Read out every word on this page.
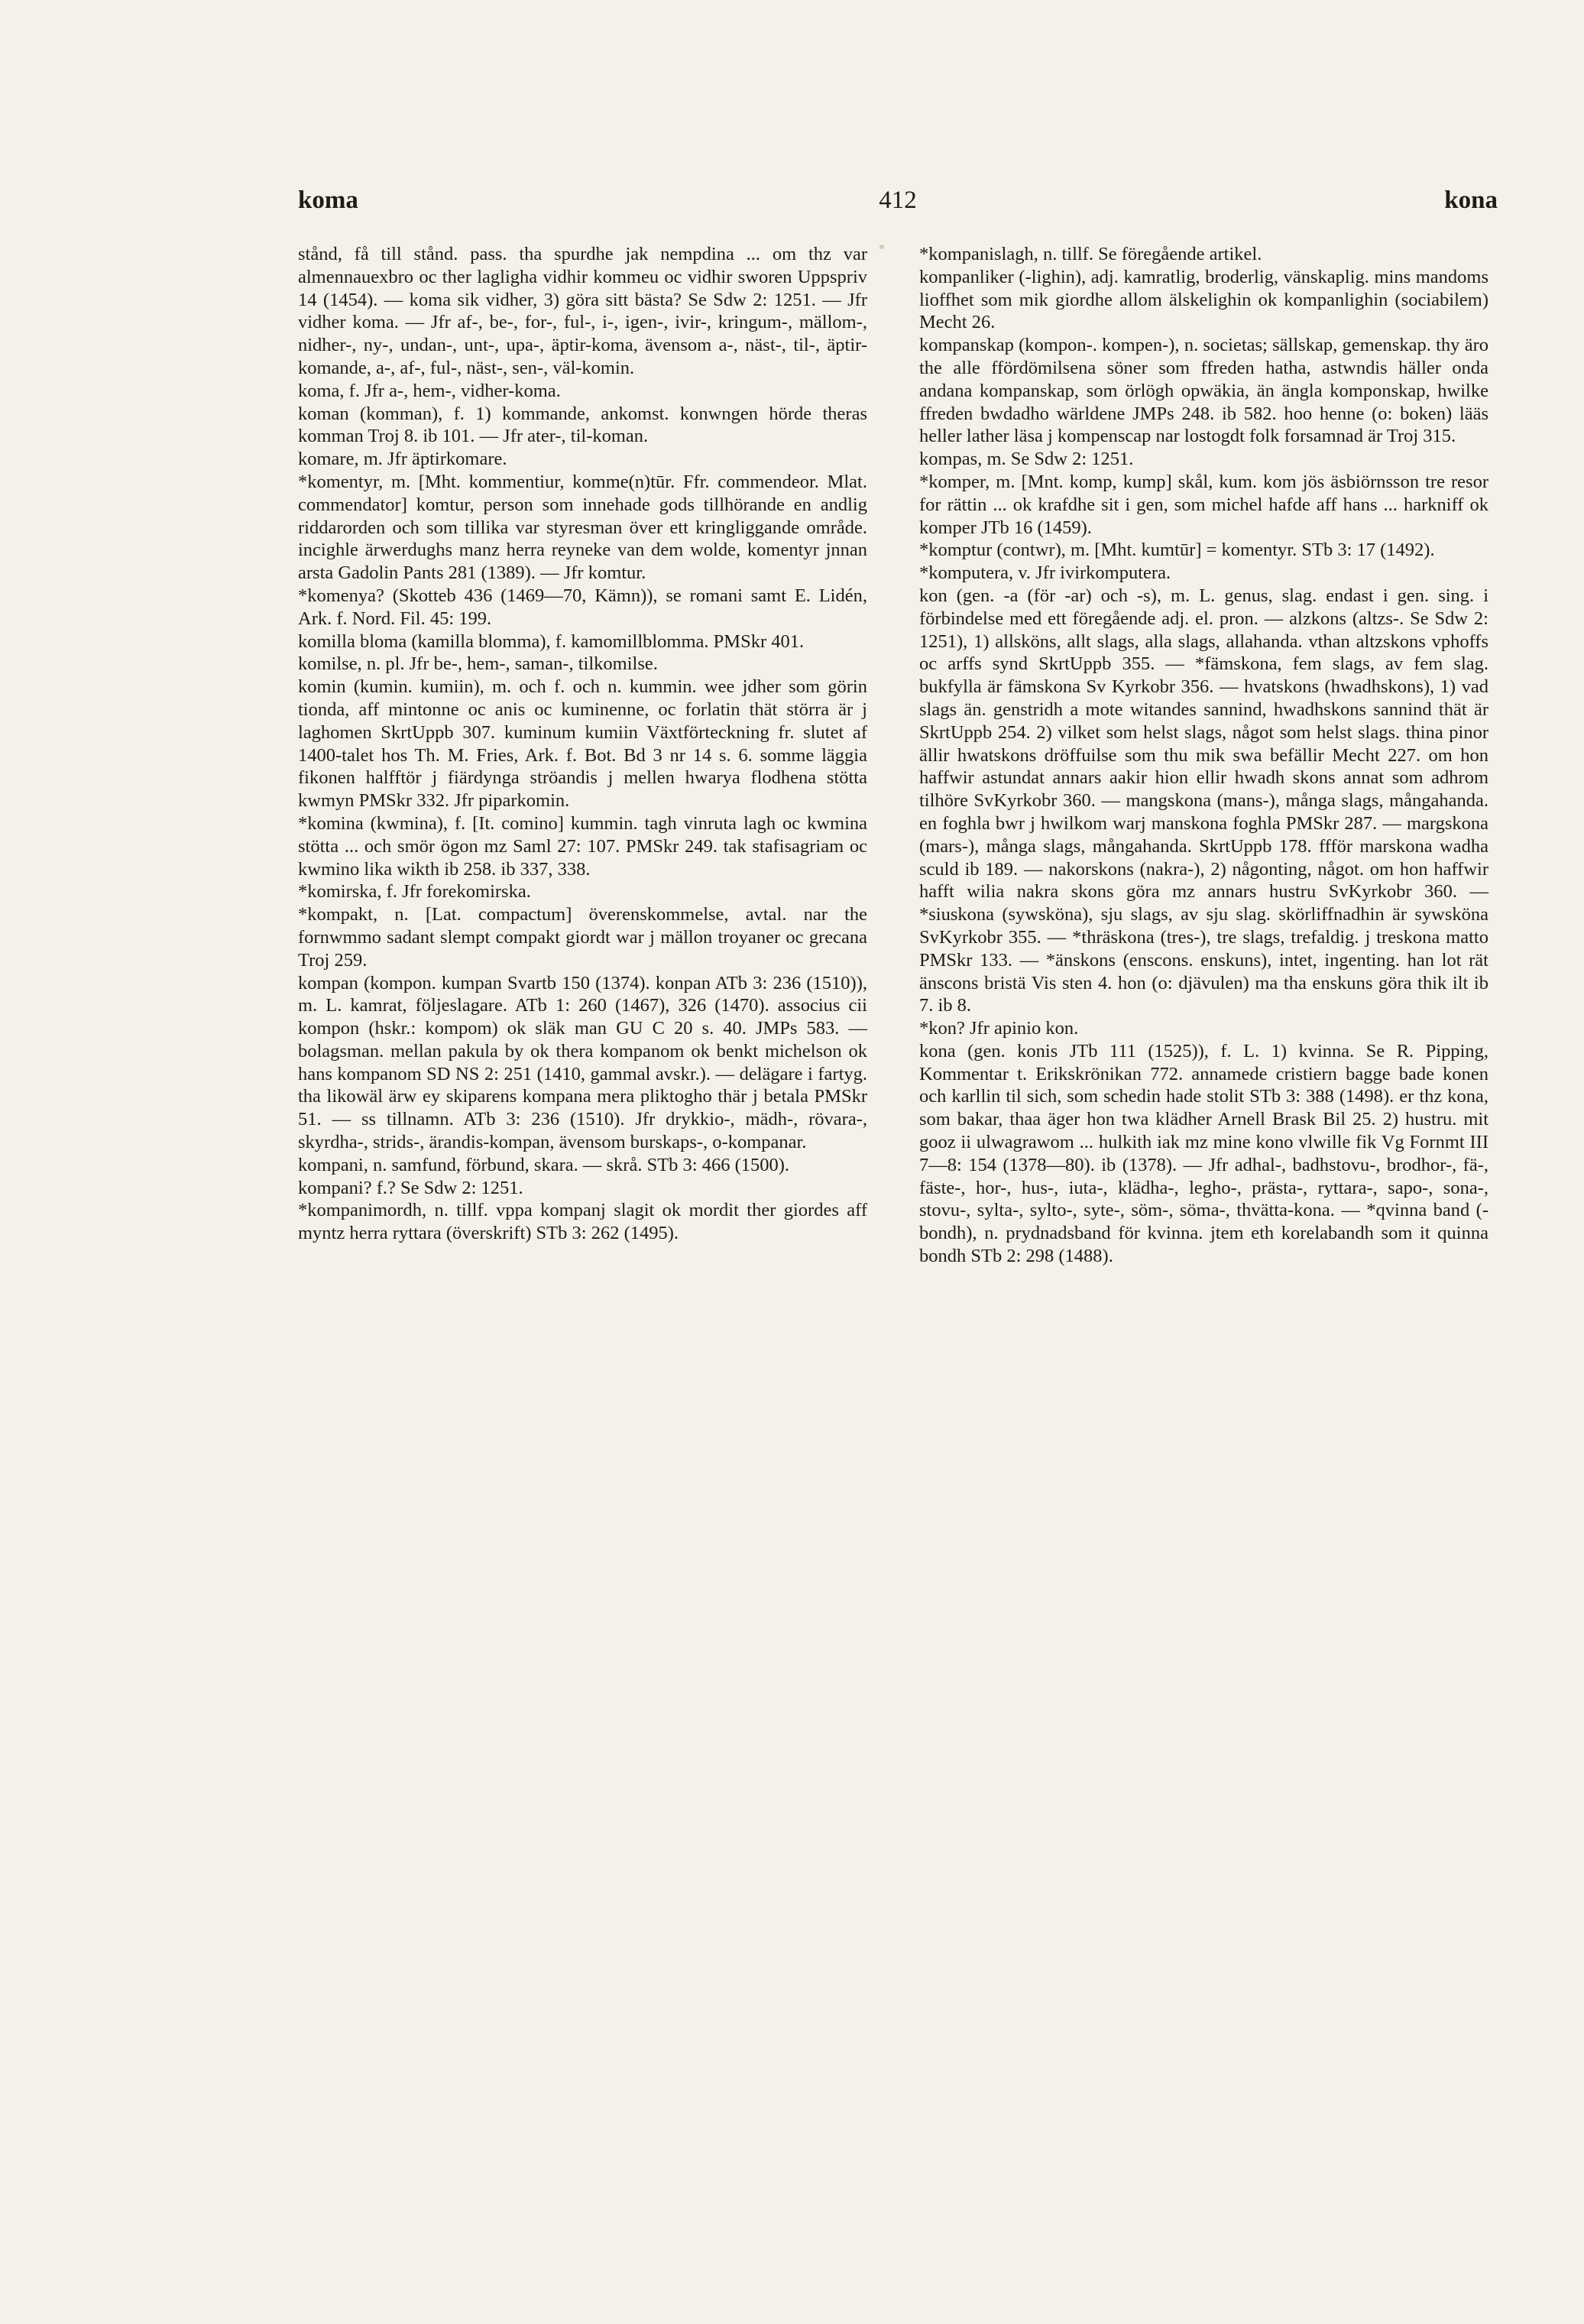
koma	412	kona

stånd, få till stånd. pass. tha spurdhe jak nempdina ... om thz var almennauexbro oc ther lagligha vidhir kommeu oc vidhir sworen Uppspriv 14 (1454). — koma sik vidher, 3) göra sitt bästa? Se Sdw 2: 1251. — Jfr vidher koma. — Jfr af-, be-, for-, ful-, i-, igen-, ivir-, kringum-, mällom-, nidher-, ny-, undan-, unt-, upa-, äptir-koma, ävensom a-, näst-, til-, äptir-komande, a-, af-, ful-, näst-, sen-, väl-komin.

koma, f. Jfr a-, hem-, vidher-koma.

koman (komman), f. 1) kommande, ankomst. konwngen hörde theras komman Troj 8. ib 101. — Jfr ater-, til-koman.

komare, m. Jfr äptirkomare.

*komentyr, m. [Mht. kommentiur, komme(n)tūr. Ffr. commendeor. Mlat. commendator] komtur, person som innehade gods tillhörande en andlig riddarorden och som tillika var styresman över ett kringliggande område. incighle ärwerdughs manz herra reyneke van dem wolde, komentyr jnnan arsta Gadolin Pants 281 (1389). — Jfr komtur.

*komenya? (Skotteb 436 (1469—70, Kämn)), se romani samt E. Lidén, Ark. f. Nord. Fil. 45: 199.

komilla bloma (kamilla blomma), f. kamomillblomma. PMSkr 401.

komilse, n. pl. Jfr be-, hem-, saman-, tilkomilse.

komin (kumin. kumiin), m. och f. och n. kummin. wee jdher som görin tionda, aff mintonne oc anis oc kuminenne, oc forlatin thät störra är j laghomen SkrtUppb 307. kuminum kumiin Växtförteckning fr. slutet af 1400-talet hos Th. M. Fries, Ark. f. Bot. Bd 3 nr 14 s. 6. somme läggia fikonen halfftör j fiärdynga ströandis j mellen hwarya flodhena stötta kwmyn PMSkr 332. Jfr piparkomin.

*komina (kwmina), f. [It. comino] kummin. tagh vinruta lagh oc kwmina stötta ... och smör ögon mz Saml 27: 107. PMSkr 249. tak stafisagriam oc kwmino lika wikth ib 258. ib 337, 338.

*komirska, f. Jfr forekomirska.

*kompakt, n. [Lat. compactum] överenskommelse, avtal. nar the fornwmmo sadant slempt compakt giordt war j mällon troyaner oc grecana Troj 259.

kompan (kompon. kumpan Svartb 150 (1374). konpan ATb 3: 236 (1510)), m. L. kamrat, följeslagare. ATb 1: 260 (1467), 326 (1470). associus cii kompon (hskr.: kompom) ok släk man GU C 20 s. 40. JMPs 583. — bolagsman. mellan pakula by ok thera kompanom ok benkt michelson ok hans kompanom SD NS 2: 251 (1410, gammal avskr.). — delägare i fartyg. tha likowäl ärw ey skiparens kompana mera pliktogho thär j betala PMSkr 51. — ss tillnamn. ATb 3: 236 (1510). Jfr drykkio-, mädh-, rövara-, skyrdha-, strids-, ärandis-kompan, ävensom burskaps-, o-kompanar.

kompani, n. samfund, förbund, skara. — skrå. STb 3: 466 (1500).

kompani? f.? Se Sdw 2: 1251.

*kompanimordh, n. tillf. vppa kompanj slagit ok mordit ther giordes aff myntz herra ryttara (överskrift) STb 3: 262 (1495).

*kompanislagh, n. tillf. Se föregående artikel.

kompanliker (-lighin), adj. kamratlig, broderlig, vänskaplig. mins mandoms lioffhet som mik giordhe allom älskelighin ok kompanlighin (sociabilem) Mecht 26.

kompanskap (kompon-. kompen-), n. societas; sällskap, gemenskap. thy äro the alle ffördömilsena söner som ffreden hatha, astwndis häller onda andana kompanskap, som örlögh opwäkia, än ängla komponskap, hwilke ffreden bwdadho wärldene JMPs 248. ib 582. hoo henne (o: boken) lääs heller lather läsa j kompenscap nar lostogdt folk forsamnad är Troj 315.

kompas, m. Se Sdw 2: 1251.

*komper, m. [Mnt. komp, kump] skål, kum. kom jös äsbiörnsson tre resor for rättin ... ok krafdhe sit i gen, som michel hafde aff hans ... harkniff ok komper JTb 16 (1459).

*komptur (contwr), m. [Mht. kumtūr] = komentyr. STb 3: 17 (1492).

*komputera, v. Jfr ivirkomputera.

kon (gen. -a (för -ar) och -s), m. L. genus, slag. endast i gen. sing. i förbindelse med ett föregående adj. el. pron. — alzkons (altzs-. Se Sdw 2: 1251), 1) allsköns, allt slags, alla slags, allahanda. vthan altzskons vphoffs oc arffs synd SkrtUppb 355. — *fämskona, fem slags, av fem slag. bukfylla är fämskona Sv Kyrkobr 356. — hvatskons (hwadhskons), 1) vad slags än. genstridh a mote witandes sannind, hwadhskons sannind thät är SkrtUppb 254. 2) vilket som helst slags, något som helst slags. thina pinor ällir hwatskons dröffuilse som thu mik swa befällir Mecht 227. om hon haffwir astundat annars aakir hion ellir hwadh skons annat som adhrom tilhöre SvKyrkobr 360. — mangskona (mans-), många slags, mångahanda. en foghla bwr j hwilkom warj manskona foghla PMSkr 287. — margskona (mars-), många slags, mångahanda. SkrtUppb 178. ffför marskona wadha sculd ib 189. — nakorskons (nakra-), 2) någonting, något. om hon haffwir hafft wilia nakra skons göra mz annars hustru SvKyrkobr 360. — *siuskona (sywsköna), sju slags, av sju slag. skörliffnadhin är sywsköna SvKyrkobr 355. — *thräskona (tres-), tre slags, trefaldig. j treskona matto PMSkr 133. — *änskons (enscons. enskuns), intet, ingenting. han lot rät änscons bristä Vis sten 4. hon (o: djävulen) ma tha enskuns göra thik ilt ib 7. ib 8.

*kon? Jfr apinio kon.

kona (gen. konis JTb 111 (1525)), f. L. 1) kvinna. Se R. Pipping, Kommentar t. Erikskrönikan 772. annamede cristiern bagge bade konen och karllin til sich, som schedin hade stolit STb 3: 388 (1498). er thz kona, som bakar, thaa äger hon twa klädher Arnell Brask Bil 25. 2) hustru. mit gooz ii ulwagrawom ... hulkith iak mz mine kono vlwille fik Vg Fornmt III 7—8: 154 (1378—80). ib (1378). — Jfr adhal-, badhstovu-, brodhor-, fä-, fäste-, hor-, hus-, iuta-, klädha-, legho-, prästa-, ryttara-, sapo-, sona-, stovu-, sylta-, sylto-, syte-, söm-, söma-, thvätta-kona. — *qvinna band (-bondh), n. prydnadsband för kvinna. jtem eth korelabandh som it quinna bondh STb 2: 298 (1488).
